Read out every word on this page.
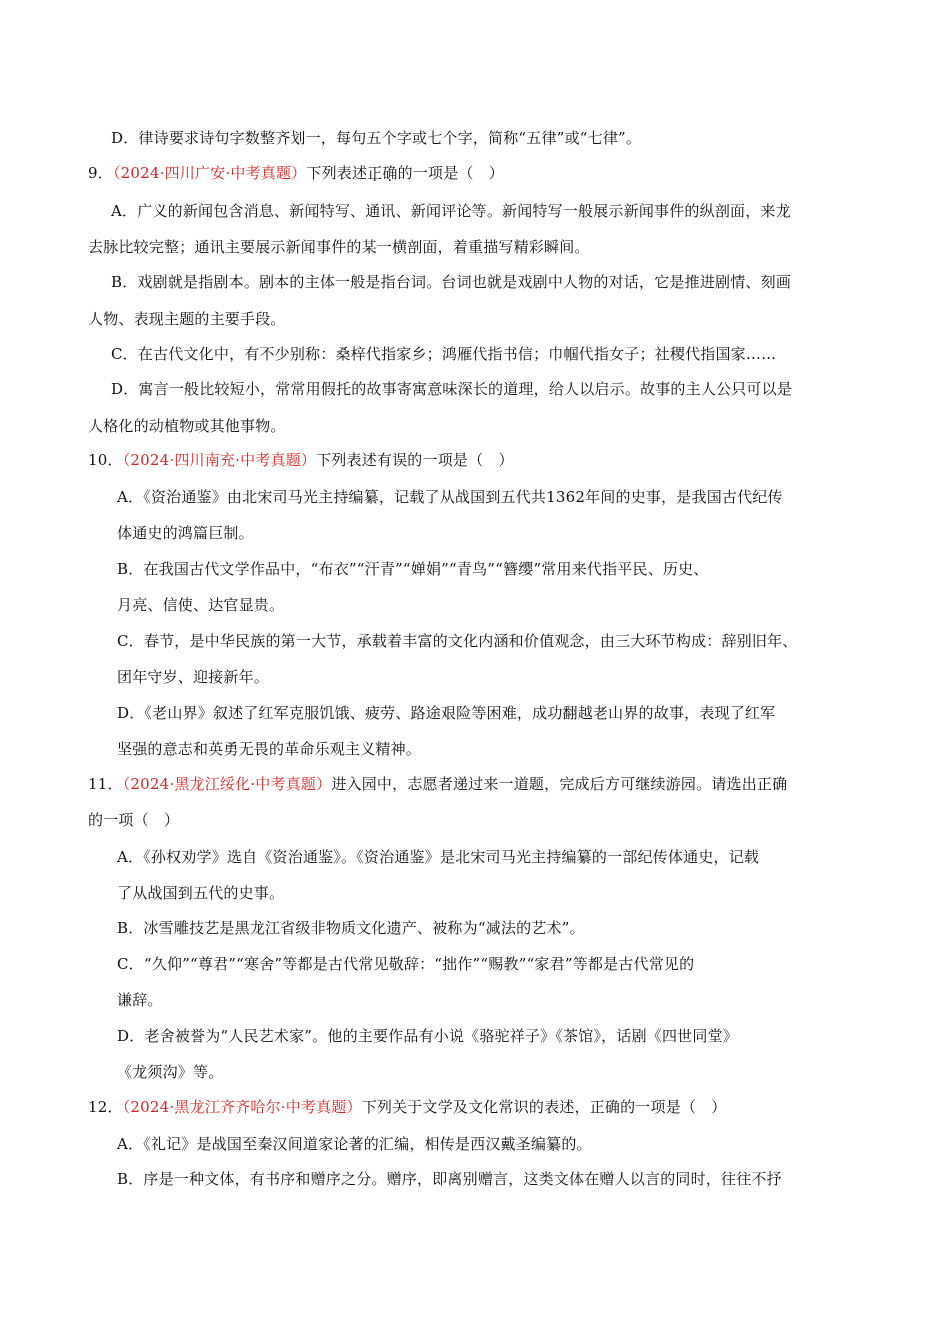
D．律诗要求诗句字数整齐划一，每句五个字或七个字，简称“五律”或“七律”。
9．（2024·四川广安·中考真题）下列表述正确的一项是（　）
A．广义的新闻包含消息、新闻特写、通讯、新闻评论等。新闻特写一般展示新闻事件的纵剖面，来龙
去脉比较完整；通讯主要展示新闻事件的某一横剖面，着重描写精彩瞬间。
B．戏剧就是指剧本。剧本的主体一般是指台词。台词也就是戏剧中人物的对话，它是推进剧情、刻画
人物、表现主题的主要手段。
C．在古代文化中，有不少别称：桑梓代指家乡；鸿雁代指书信；巾帼代指女子；社稷代指国家……
D．寓言一般比较短小，常常用假托的故事寄寓意味深长的道理，给人以启示。故事的主人公只可以是
人格化的动植物或其他事物。
10．（2024·四川南充·中考真题）下列表述有误的一项是（　）
A．《资治通鉴》由北宋司马光主持编纂，记载了从战国到五代共1362年间的史事，是我国古代纪传
体通史的鸿篇巨制。
B．在我国古代文学作品中，“布衣”“汗青”“婵娟”“青鸟”“簪缨”常用来代指平民、历史、
月亮、信使、达官显贵。
C．春节，是中华民族的第一大节，承载着丰富的文化内涵和价值观念，由三大环节构成：辞别旧年、
团年守岁、迎接新年。
D．《老山界》叙述了红军克服饥饿、疲劳、路途艰险等困难，成功翻越老山界的故事，表现了红军
坚强的意志和英勇无畏的革命乐观主义精神。
11．（2024·黑龙江绥化·中考真题）进入园中，志愿者递过来一道题，完成后方可继续游园。请选出正确
的一项（　）
A．《孙权劝学》选自《资治通鉴》。《资治通鉴》是北宋司马光主持编纂的一部纪传体通史，记载
了从战国到五代的史事。
B．冰雪雕技艺是黑龙江省级非物质文化遗产、被称为“减法的艺术”。
C．“久仰”“尊君”“寒舍”等都是古代常见敬辞：“拙作”“赐教”“家君”等都是古代常见的
谦辞。
D．老舍被誉为“人民艺术家”。他的主要作品有小说《骆驼祥子》《茶馆》，话剧《四世同堂》
《龙须沟》等。
12．（2024·黑龙江齐齐哈尔·中考真题）下列关于文学及文化常识的表述，正确的一项是（　）
A．《礼记》是战国至秦汉间道家论著的汇编，相传是西汉戴圣编纂的。
B．序是一种文体，有书序和赠序之分。赠序，即离别赠言，这类文体在赠人以言的同时，往往不抒
